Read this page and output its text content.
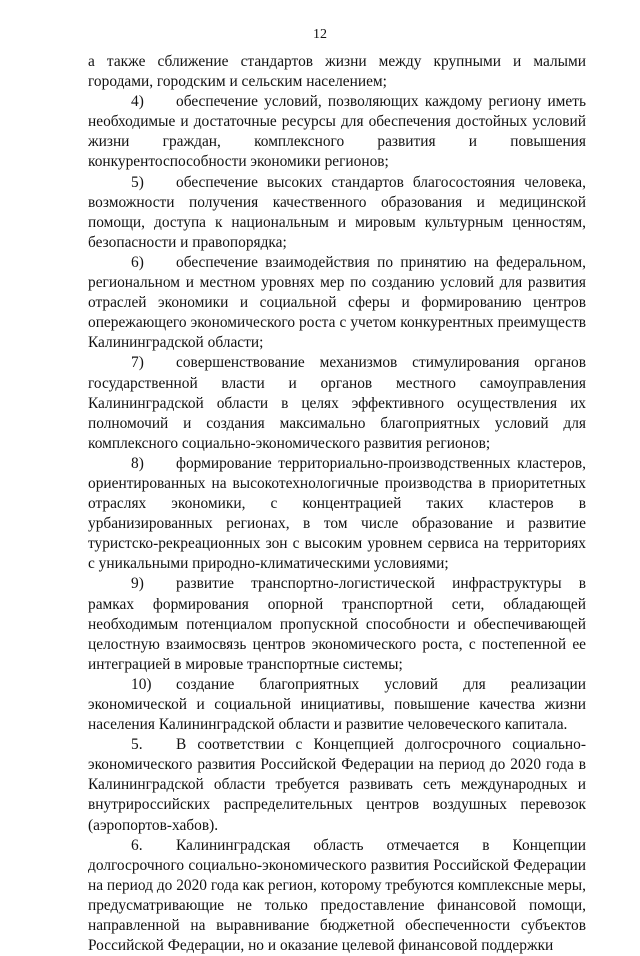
12

а также сближение стандартов жизни между крупными и малыми городами, городским и сельским населением;

4) обеспечение условий, позволяющих каждому региону иметь необходимые и достаточные ресурсы для обеспечения достойных условий жизни граждан, комплексного развития и повышения конкурентоспособности экономики регионов;

5) обеспечение высоких стандартов благосостояния человека, возможности получения качественного образования и медицинской помощи, доступа к национальным и мировым культурным ценностям, безопасности и правопорядка;

6) обеспечение взаимодействия по принятию на федеральном, региональном и местном уровнях мер по созданию условий для развития отраслей экономики и социальной сферы и формированию центров опережающего экономического роста с учетом конкурентных преимуществ Калининградской области;

7) совершенствование механизмов стимулирования органов государственной власти и органов местного самоуправления Калининградской области в целях эффективного осуществления их полномочий и создания максимально благоприятных условий для комплексного социально-экономического развития регионов;

8) формирование территориально-производственных кластеров, ориентированных на высокотехнологичные производства в приоритетных отраслях экономики, с концентрацией таких кластеров в урбанизированных регионах, в том числе образование и развитие туристско-рекреационных зон с высоким уровнем сервиса на территориях с уникальными природно-климатическими условиями;

9) развитие транспортно-логистической инфраструктуры в рамках формирования опорной транспортной сети, обладающей необходимым потенциалом пропускной способности и обеспечивающей целостную взаимосвязь центров экономического роста, с постепенной ее интеграцией в мировые транспортные системы;

10) создание благоприятных условий для реализации экономической и социальной инициативы, повышение качества жизни населения Калининградской области и развитие человеческого капитала.

5. В соответствии с Концепцией долгосрочного социально-экономического развития Российской Федерации на период до 2020 года в Калининградской области требуется развивать сеть международных и внутрироссийских распределительных центров воздушных перевозок (аэропортов-хабов).

6. Калининградская область отмечается в Концепции долгосрочного социально-экономического развития Российской Федерации на период до 2020 года как регион, которому требуются комплексные меры, предусматривающие не только предоставление финансовой помощи, направленной на выравнивание бюджетной обеспеченности субъектов Российской Федерации, но и оказание целевой финансовой поддержки
